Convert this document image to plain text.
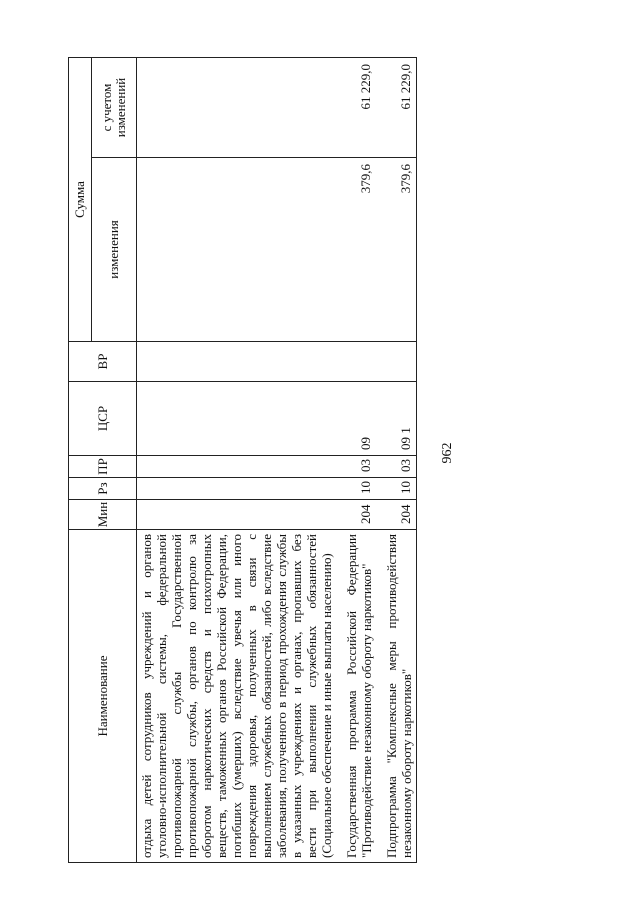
962
Наименование	Мин	Рз	ПР	ЦСР	ВР	Сумма	
						изменения	с учетом изменений
отдыха детей сотрудников учреждений и органов уголовно-исполнительной системы, федеральной противопожарной службы Государственной противопожарной службы, органов по контролю за оборотом наркотических средств и психотропных веществ, таможенных органов Российской Федерации, погибших (умерших) вследствие увечья или иного повреждения здоровья, полученных в связи с выполнением служебных обязанностей, либо вследствие заболевания, полученного в период прохождения службы в указанных учреждениях и органах, пропавших без вести при выполнении служебных обязанностей (Социальное обеспечение и иные выплаты населению)							
Государственная программа Российской Федерации "Противодействие незаконному обороту наркотиков"	204	10	03	09		379,6	61 229,0
Подпрограмма "Комплексные меры противодействия незаконному обороту наркотиков"	204	10	03	09 1		379,6	61 229,0
